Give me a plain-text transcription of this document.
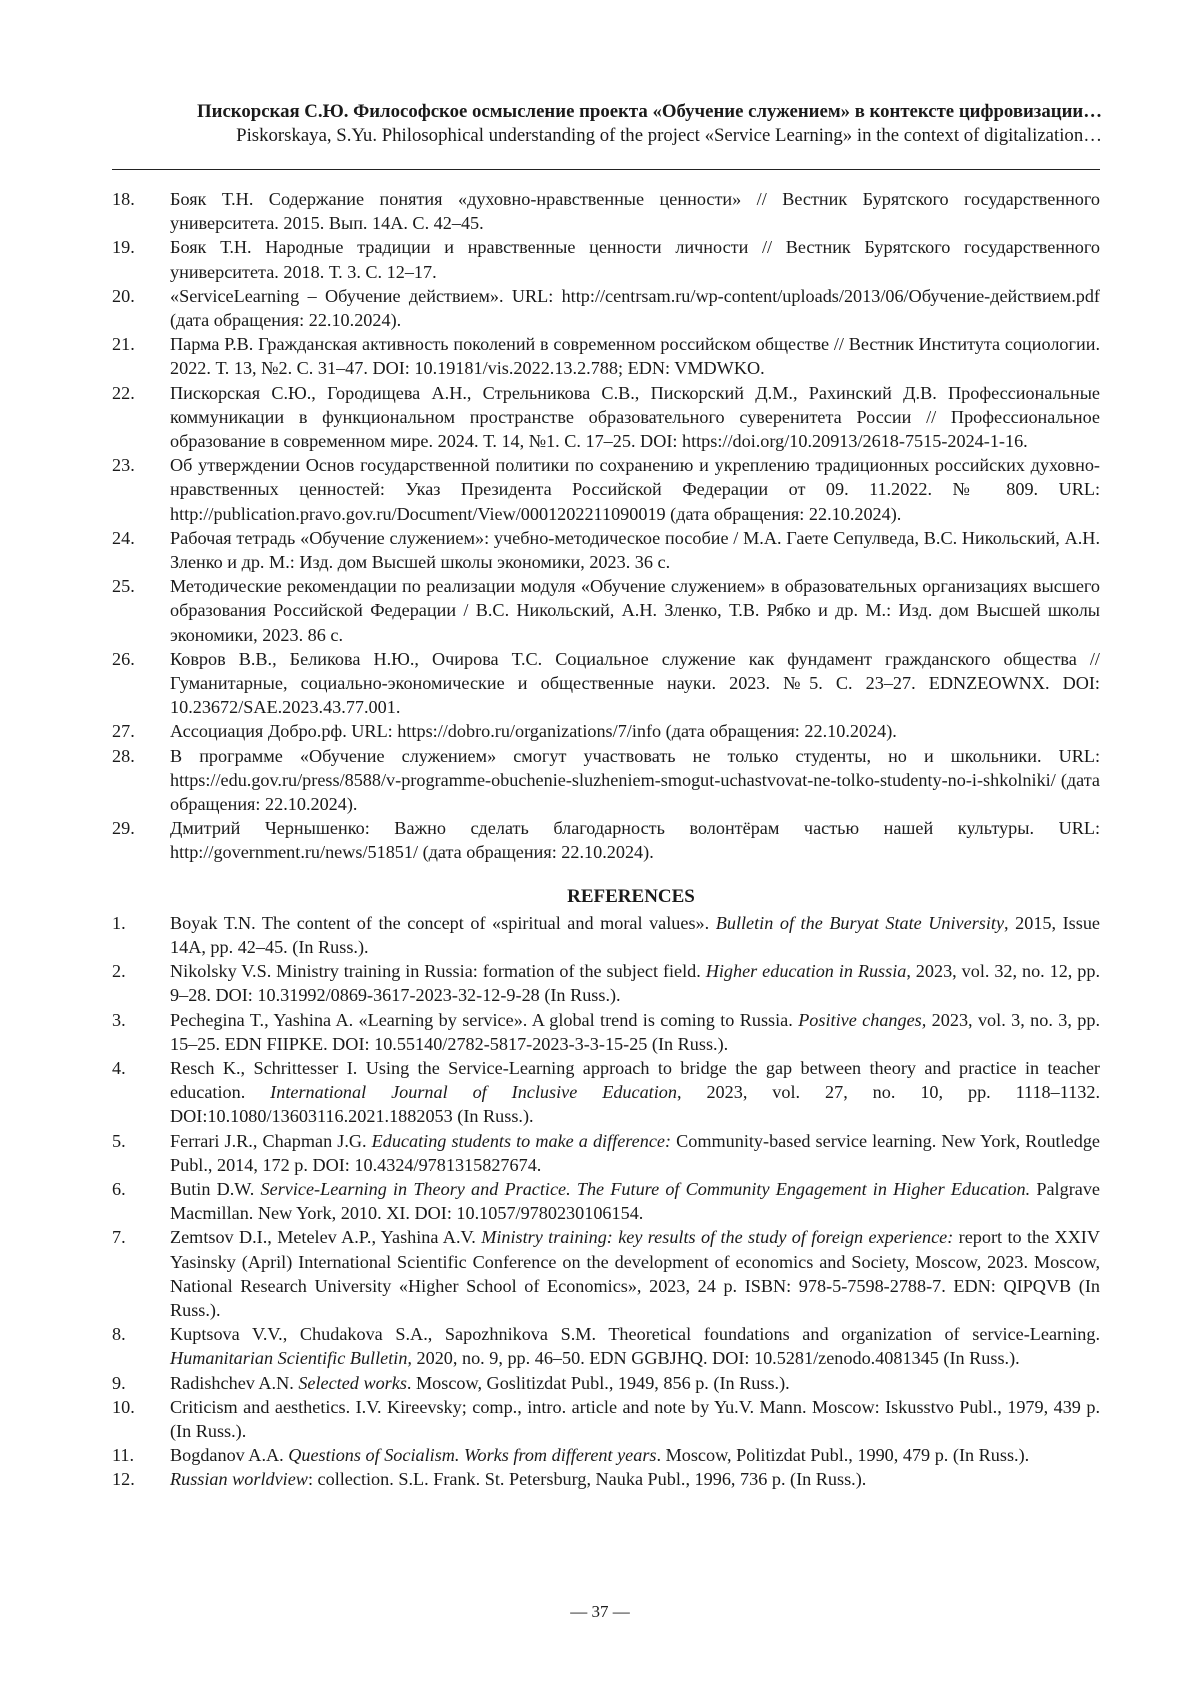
Пискорская С.Ю. Философское осмысление проекта «Обучение служением» в контексте цифровизации…
Piskorskaya, S.Yu. Philosophical understanding of the project «Service Learning» in the context of digitalization…
18.	Бояк Т.Н. Содержание понятия «духовно-нравственные ценности» // Вестник Бурятского государственного университета. 2015. Вып. 14А. С. 42–45.
19.	Бояк Т.Н. Народные традиции и нравственные ценности личности // Вестник Бурятского государственного университета. 2018. Т. 3. С. 12–17.
20.	«ServiceLearning – Обучение действием». URL: http://centrsam.ru/wp-content/uploads/2013/06/Обучение-действием.pdf (дата обращения: 22.10.2024).
21.	Парма Р.В. Гражданская активность поколений в современном российском обществе // Вестник Института социологии. 2022. Т. 13, №2. С. 31–47. DOI: 10.19181/vis.2022.13.2.788; EDN: VMDWKO.
22.	Пискорская С.Ю., Городищева А.Н., Стрельникова С.В., Пискорский Д.М., Рахинский Д.В. Профессиональные коммуникации в функциональном пространстве образовательного суверенитета России // Профессиональное образование в современном мире. 2024. Т. 14, №1. С. 17–25. DOI: https://doi.org/10.20913/2618-7515-2024-1-16.
23.	Об утверждении Основ государственной политики по сохранению и укреплению традиционных российских духовно-нравственных ценностей: Указ Президента Российской Федерации от 09. 11.2022. № 809. URL: http://publication.pravo.gov.ru/Document/View/0001202211090019 (дата обращения: 22.10.2024).
24.	Рабочая тетрадь «Обучение служением»: учебно-методическое пособие / М.А. Гаете Сепулведа, В.С. Никольский, А.Н. Зленко и др. М.: Изд. дом Высшей школы экономики, 2023. 36 с.
25.	Методические рекомендации по реализации модуля «Обучение служением» в образовательных организациях высшего образования Российской Федерации / В.С. Никольский, А.Н. Зленко, Т.В. Рябко и др. М.: Изд. дом Высшей школы экономики, 2023. 86 с.
26.	Ковров В.В., Беликова Н.Ю., Очирова Т.С. Социальное служение как фундамент гражданского общества // Гуманитарные, социально-экономические и общественные науки. 2023. №5. С. 23–27. EDNZEOWNX. DOI: 10.23672/SAE.2023.43.77.001.
27.	Ассоциация Добро.рф. URL: https://dobro.ru/organizations/7/info (дата обращения: 22.10.2024).
28.	В программе «Обучение служением» смогут участвовать не только студенты, но и школьники. URL: https://edu.gov.ru/press/8588/v-programme-obuchenie-sluzheniem-smogut-uchastvovat-ne-tolko-studenty-no-i-shkolniki/ (дата обращения: 22.10.2024).
29.	Дмитрий Чернышенко: Важно сделать благодарность волонтёрам частью нашей культуры. URL: http://government.ru/news/51851/ (дата обращения: 22.10.2024).
REFERENCES
1.	Boyak T.N. The content of the concept of «spiritual and moral values». Bulletin of the Buryat State University, 2015, Issue 14A, pp. 42–45. (In Russ.).
2.	Nikolsky V.S. Ministry training in Russia: formation of the subject field. Higher education in Russia, 2023, vol. 32, no. 12, pp. 9–28. DOI: 10.31992/0869-3617-2023-32-12-9-28 (In Russ.).
3.	Pechegina T., Yashina A. «Learning by service». A global trend is coming to Russia. Positive changes, 2023, vol. 3, no. 3, pp. 15–25. EDN FIIPKE. DOI: 10.55140/2782-5817-2023-3-3-15-25 (In Russ.).
4.	Resch K., Schrittesser I. Using the Service-Learning approach to bridge the gap between theory and practice in teacher education. International Journal of Inclusive Education, 2023, vol. 27, no. 10, pp. 1118–1132. DOI:10.1080/13603116.2021.1882053 (In Russ.).
5.	Ferrari J.R., Chapman J.G. Educating students to make a difference: Community-based service learning. New York, Routledge Publ., 2014, 172 p. DOI: 10.4324/9781315827674.
6.	Butin D.W. Service-Learning in Theory and Practice. The Future of Community Engagement in Higher Education. Palgrave Macmillan. New York, 2010. XI. DOI: 10.1057/9780230106154.
7.	Zemtsov D.I., Metelev A.P., Yashina A.V. Ministry training: key results of the study of foreign experience: report to the XXIV Yasinsky (April) International Scientific Conference on the development of economics and Society, Moscow, 2023. Moscow, National Research University «Higher School of Economics», 2023, 24 p. ISBN: 978-5-7598-2788-7. EDN: QIPQVB (In Russ.).
8.	Kuptsova V.V., Chudakova S.A., Sapozhnikova S.M. Theoretical foundations and organization of service-Learning. Humanitarian Scientific Bulletin, 2020, no. 9, pp. 46–50. EDN GGBJHQ. DOI: 10.5281/zenodo.4081345 (In Russ.).
9.	Radishchev A.N. Selected works. Moscow, Goslitizdat Publ., 1949, 856 p. (In Russ.).
10.	Criticism and aesthetics. I.V. Kireevsky; comp., intro. article and note by Yu.V. Mann. Moscow: Iskusstvo Publ., 1979, 439 p. (In Russ.).
11.	Bogdanov A.A. Questions of Socialism. Works from different years. Moscow, Politizdat Publ., 1990, 479 p. (In Russ.).
12.	Russian worldview: collection. S.L. Frank. St. Petersburg, Nauka Publ., 1996, 736 p. (In Russ.).
— 37 —
